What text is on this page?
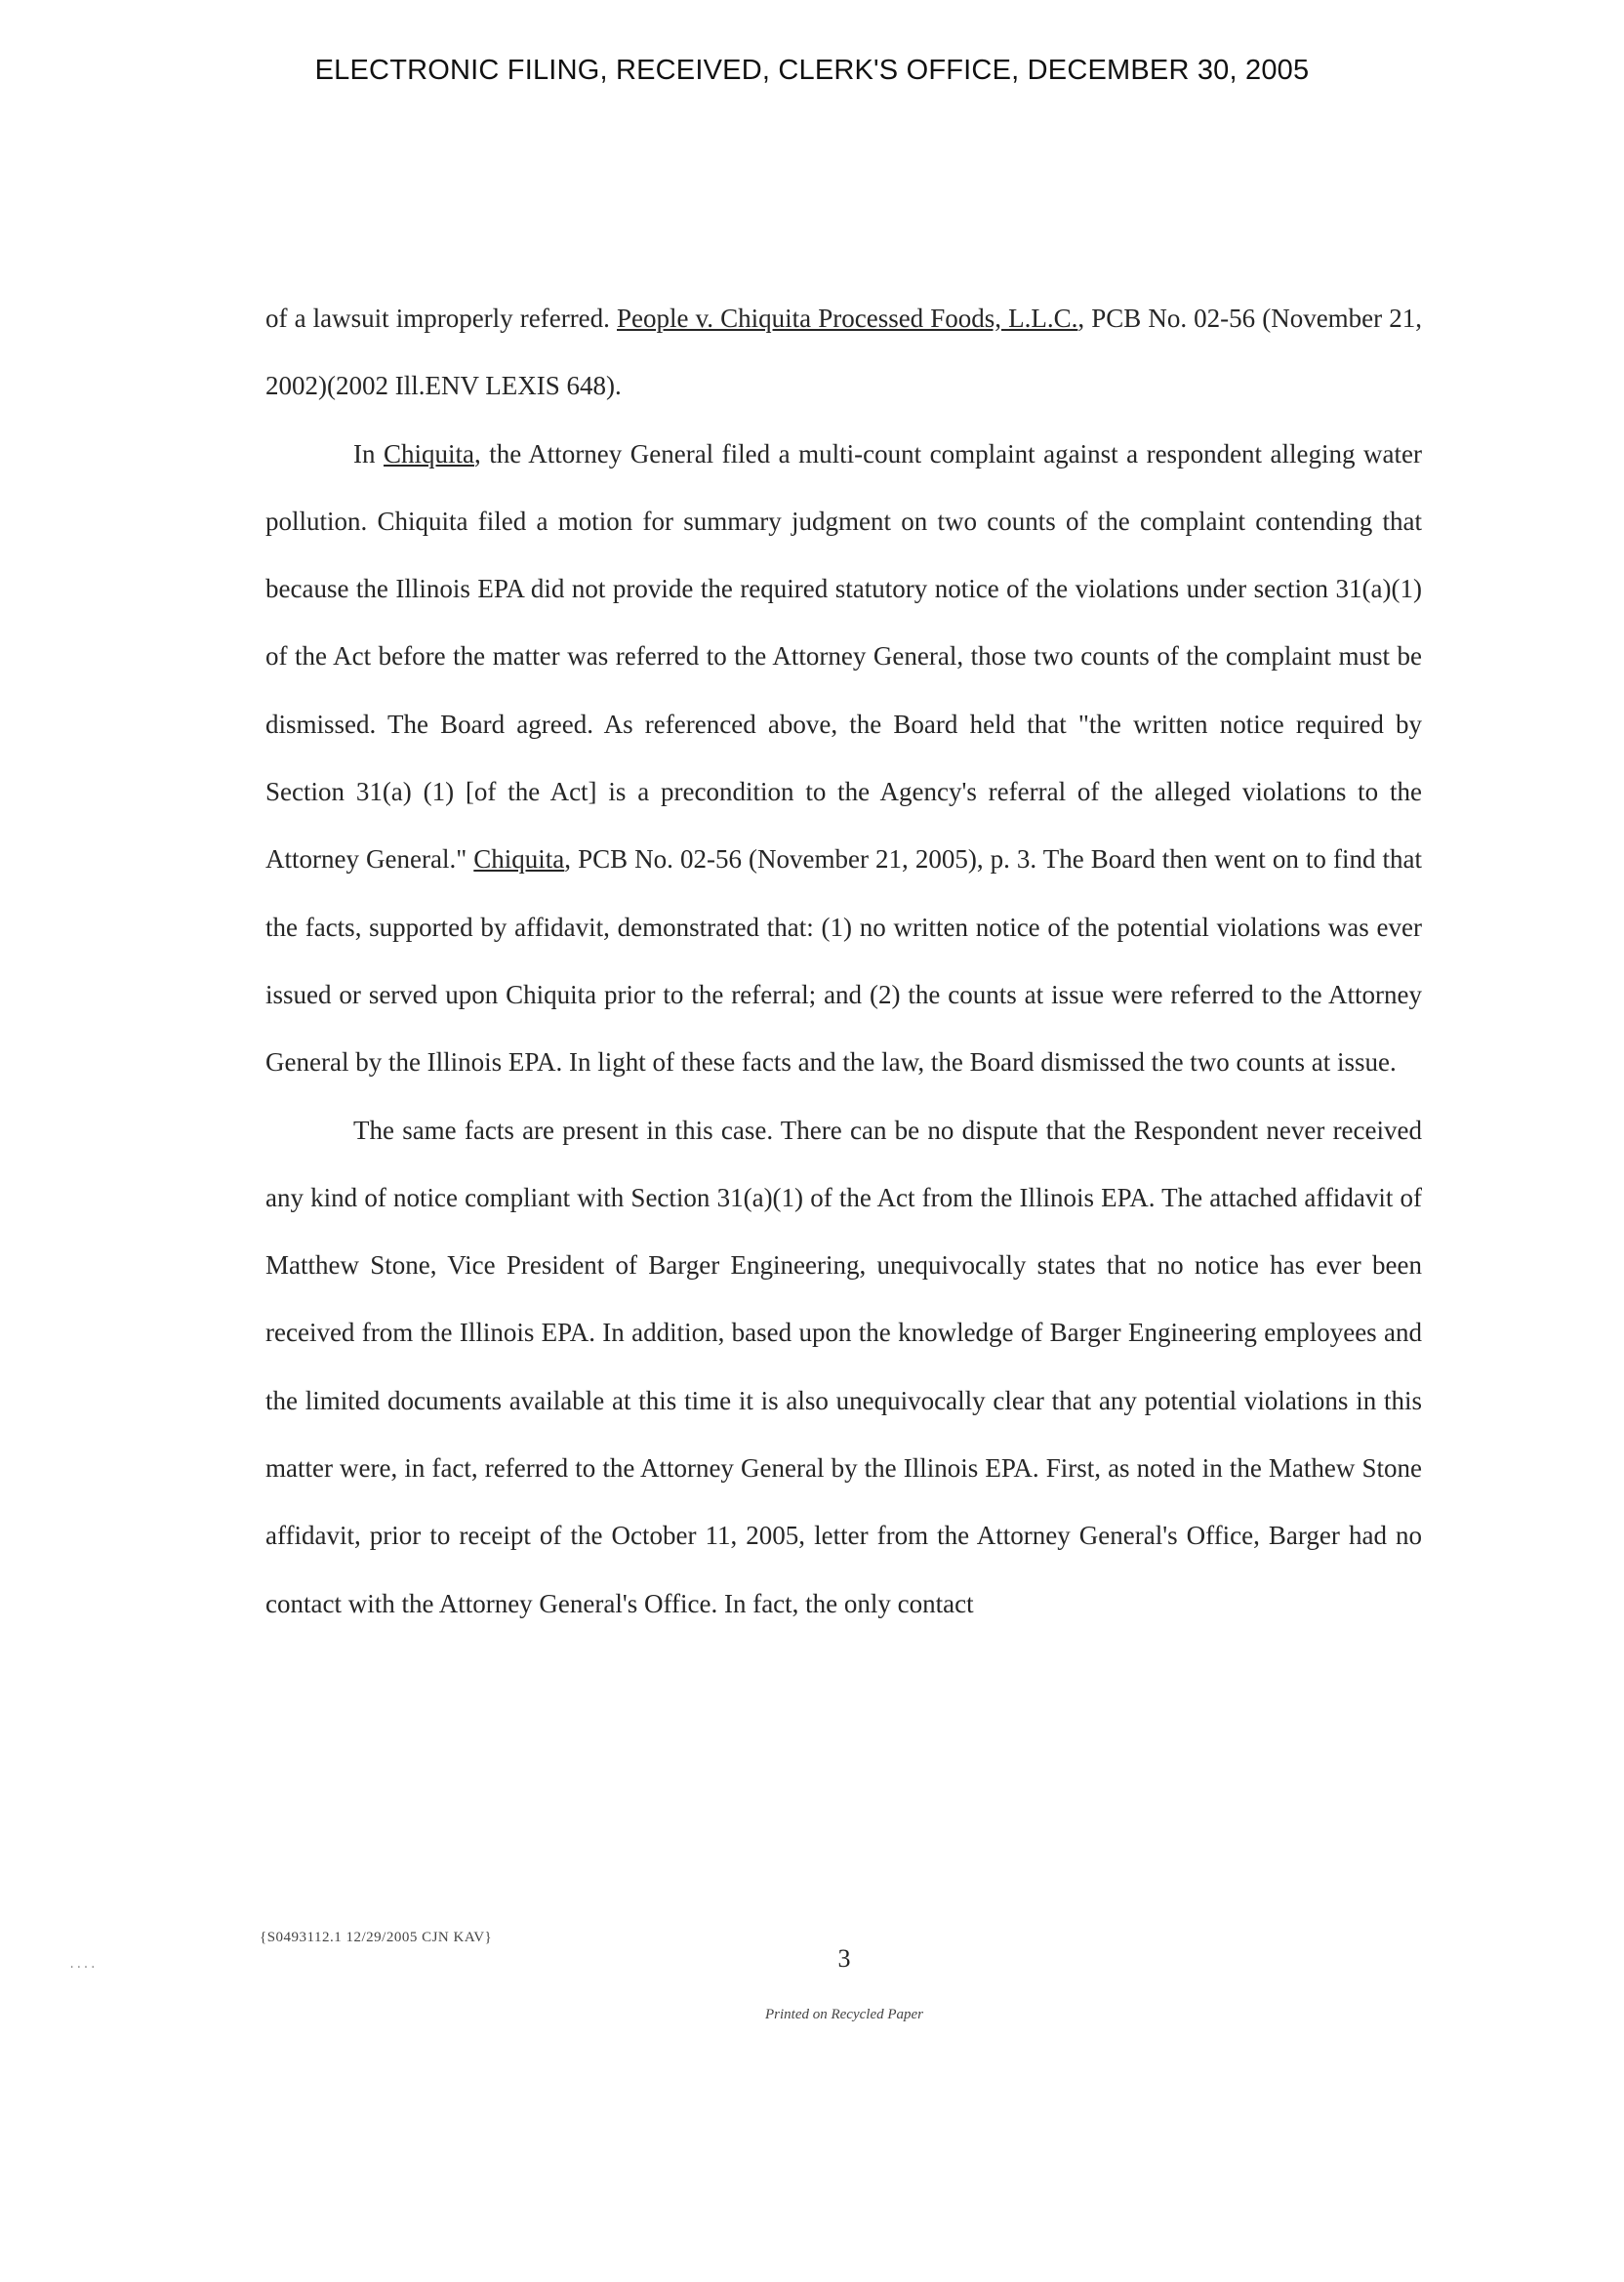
ELECTRONIC FILING, RECEIVED, CLERK'S OFFICE, DECEMBER 30, 2005

of a lawsuit improperly referred. People v. Chiquita Processed Foods, L.L.C., PCB No. 02-56 (November 21, 2002)(2002 Ill.ENV LEXIS 648).

In Chiquita, the Attorney General filed a multi-count complaint against a respondent alleging water pollution. Chiquita filed a motion for summary judgment on two counts of the complaint contending that because the Illinois EPA did not provide the required statutory notice of the violations under section 31(a)(1) of the Act before the matter was referred to the Attorney General, those two counts of the complaint must be dismissed. The Board agreed. As referenced above, the Board held that "the written notice required by Section 31(a) (1) [of the Act] is a precondition to the Agency's referral of the alleged violations to the Attorney General." Chiquita, PCB No. 02-56 (November 21, 2005), p. 3. The Board then went on to find that the facts, supported by affidavit, demonstrated that: (1) no written notice of the potential violations was ever issued or served upon Chiquita prior to the referral; and (2) the counts at issue were referred to the Attorney General by the Illinois EPA. In light of these facts and the law, the Board dismissed the two counts at issue.

The same facts are present in this case. There can be no dispute that the Respondent never received any kind of notice compliant with Section 31(a)(1) of the Act from the Illinois EPA. The attached affidavit of Matthew Stone, Vice President of Barger Engineering, unequivocally states that no notice has ever been received from the Illinois EPA. In addition, based upon the knowledge of Barger Engineering employees and the limited documents available at this time it is also unequivocally clear that any potential violations in this matter were, in fact, referred to the Attorney General by the Illinois EPA. First, as noted in the Mathew Stone affidavit, prior to receipt of the October 11, 2005, letter from the Attorney General's Office, Barger had no contact with the Attorney General's Office. In fact, the only contact

{S0493112.1 12/29/2005 CJN KAV}
....	3
Printed on Recycled Paper
